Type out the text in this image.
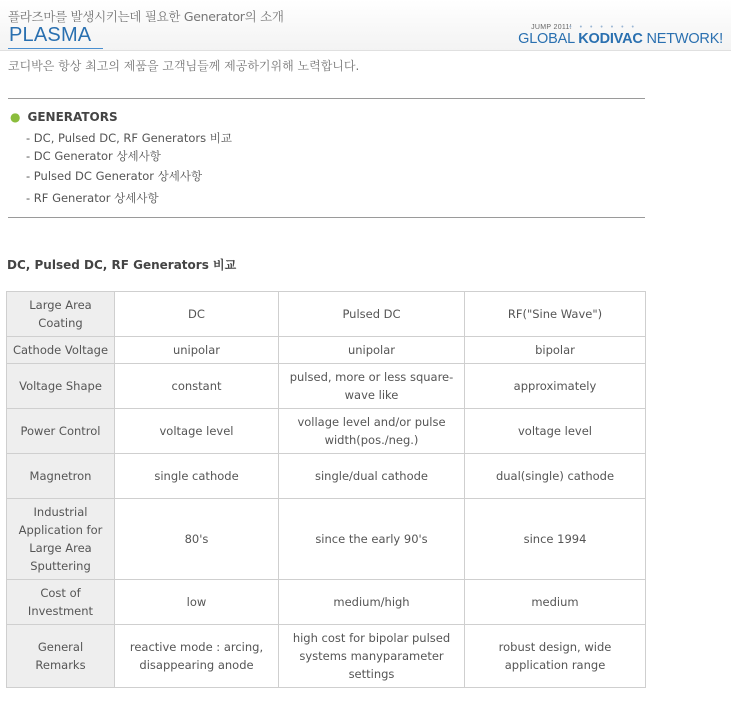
플라즈마를 발생시키는데 필요한 Generator의 소개
PLASMA	JUMP 2011!
• • • • • • •
GLOBAL KODIVAC NETWORK!
코디박은 항상 최고의 제품을 고객님들께 제공하기위해 노력합니다.
● GENERATORS
- DC, Pulsed DC, RF Generators 비교
- DC Generator 상세사항
- Pulsed DC Generator 상세사항
- RF Generator 상세사항
DC, Pulsed DC, RF Generators 비교
Large Area Coating	DC	Pulsed DC	RF("Sine Wave")
Cathode Voltage	unipolar	unipolar	bipolar
Voltage Shape	constant	pulsed, more or less square-wave like	approximately
Power Control	voltage level	vollage level and/or pulse width(pos./neg.)	voltage level
Magnetron	single cathode	single/dual cathode	dual(single) cathode
Industrial Application for Large Area Sputtering	80's	since the early 90's	since 1994
Cost of Investment	low	medium/high	medium
General Remarks	reactive mode : arcing, disappearing anode	high cost for bipolar pulsed systems manyparameter settings	robust design, wide application range
